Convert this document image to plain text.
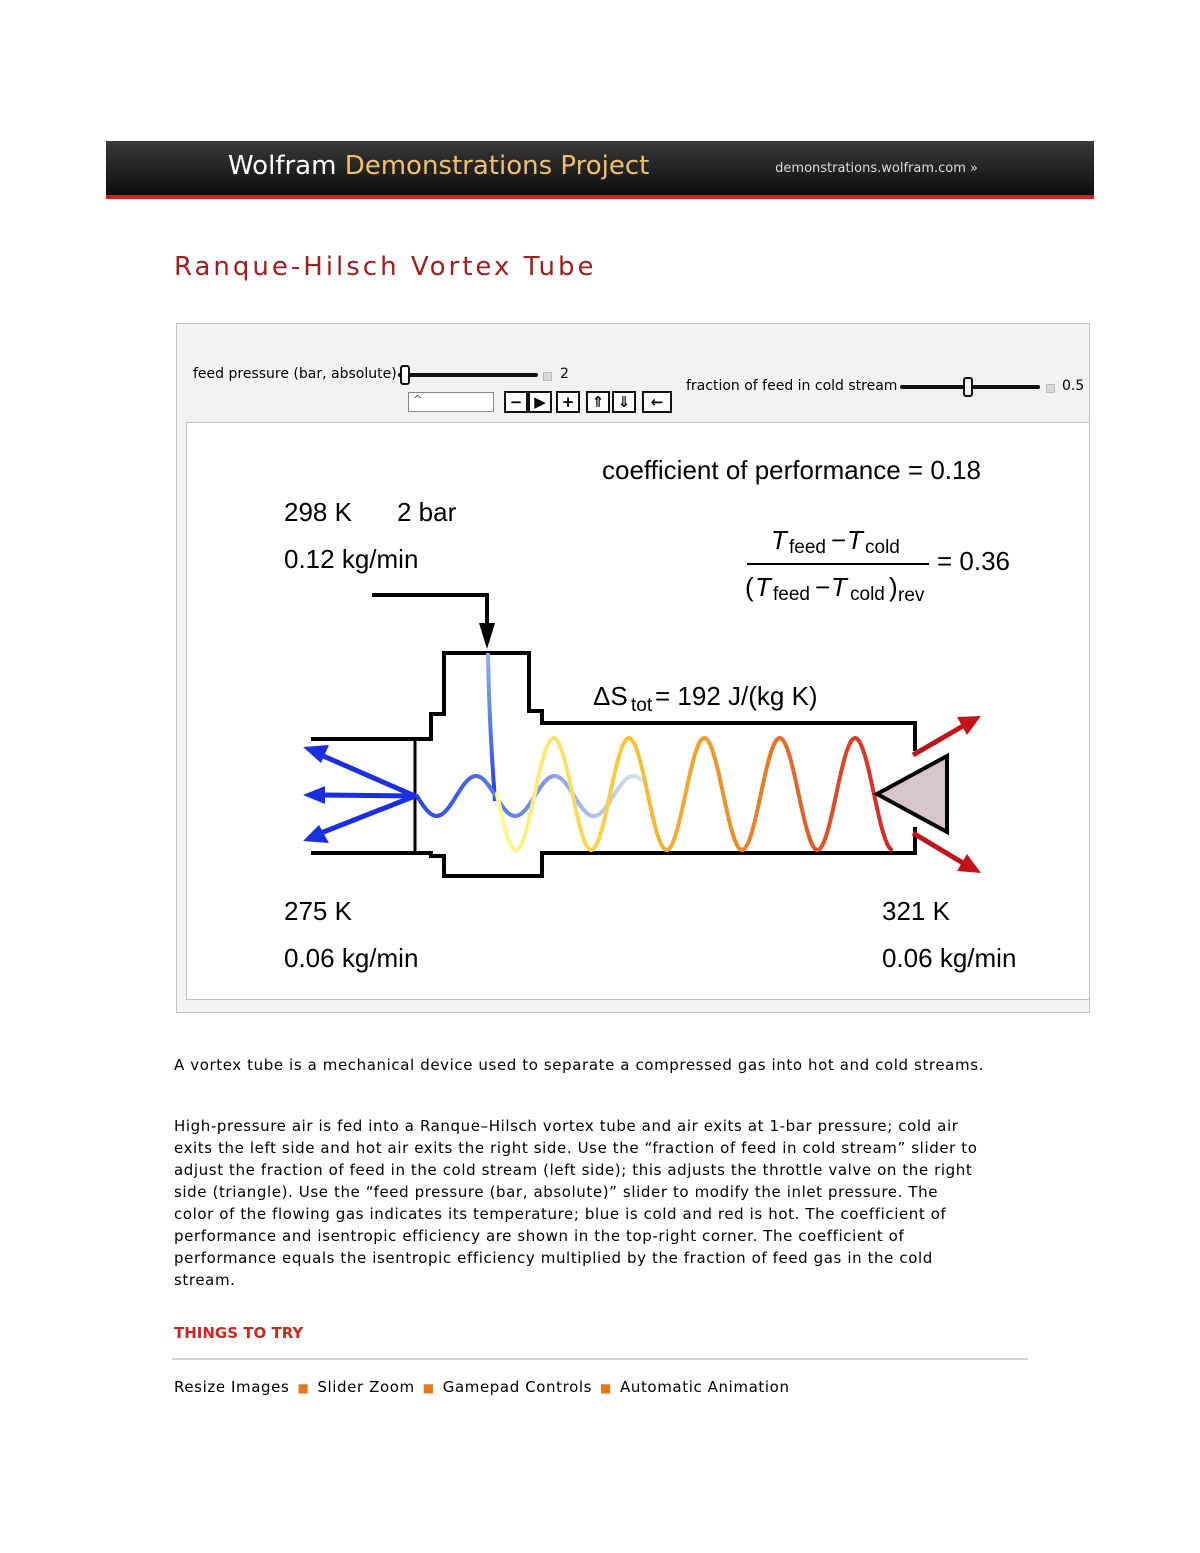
Wolfram Demonstrations Project	demonstrations.wolfram.com »
Ranque-Hilsch Vortex Tube
feed pressure (bar, absolute)	2
^	− ▶	+	⇑ ⇓	←
fraction of feed in cold stream	0.5
coefficient of performance = 0.18
T feed − T cold
( T feed − T cold ) rev
= 0.36
298 K 2 bar
0.12 kg/min
ΔS tot = 192 J/(kg K)
275 K
0.06 kg/min
321 K
0.06 kg/min
A vortex tube is a mechanical device used to separate a compressed gas into hot and cold streams.
High-pressure air is fed into a Ranque–Hilsch vortex tube and air exits at 1-bar pressure; cold air
exits the left side and hot air exits the right side. Use the “fraction of feed in cold stream” slider to
adjust the fraction of feed in the cold stream (left side); this adjusts the throttle valve on the right
side (triangle). Use the “feed pressure (bar, absolute)” slider to modify the inlet pressure. The
color of the flowing gas indicates its temperature; blue is cold and red is hot. The coefficient of
performance and isentropic efficiency are shown in the top-right corner. The coefficient of
performance equals the isentropic efficiency multiplied by the fraction of feed gas in the cold
stream.
THINGS TO TRY
Resize Images ■ Slider Zoom ■ Gamepad Controls ■ Automatic Animation
